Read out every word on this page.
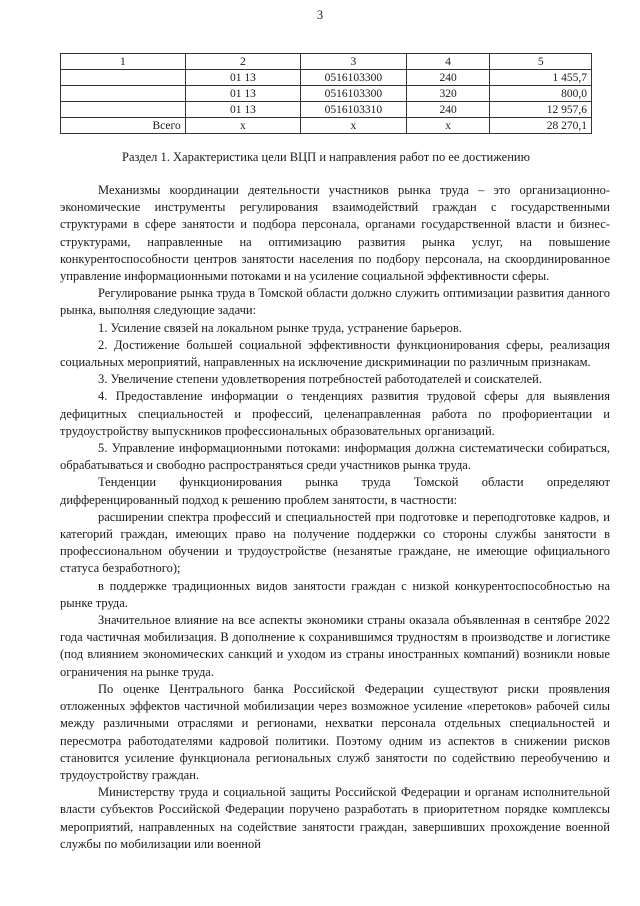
3
1	2	3	4	5
	01 13	0516103300	240	1 455,7
	01 13	0516103300	320	800,0
	01 13	0516103310	240	12 957,6
Всего	x	x	x	28 270,1
Раздел 1. Характеристика цели ВЦП и направления работ по ее достижению

Механизмы координации деятельности участников рынка труда – это организационно-экономические инструменты регулирования взаимодействий граждан с государственными структурами в сфере занятости и подбора персонала, органами государственной власти и бизнес-структурами, направленные на оптимизацию развития рынка услуг, на повышение конкурентоспособности центров занятости населения по подбору персонала, на скоординированное управление информационными потоками и на усиление социальной эффективности сферы.

Регулирование рынка труда в Томской области должно служить оптимизации развития данного рынка, выполняя следующие задачи:

1. Усиление связей на локальном рынке труда, устранение барьеров.

2. Достижение большей социальной эффективности функционирования сферы, реализация социальных мероприятий, направленных на исключение дискриминации по различным признакам.

3. Увеличение степени удовлетворения потребностей работодателей и соискателей.

4. Предоставление информации о тенденциях развития трудовой сферы для выявления дефицитных специальностей и профессий, целенаправленная работа по профориентации и трудоустройству выпускников профессиональных образовательных организаций.

5. Управление информационными потоками: информация должна систематически собираться, обрабатываться и свободно распространяться среди участников рынка труда.

Тенденции функционирования рынка труда Томской области определяют дифференцированный подход к решению проблем занятости, в частности:

расширении спектра профессий и специальностей при подготовке и переподготовке кадров, и категорий граждан, имеющих право на получение поддержки со стороны службы занятости в профессиональном обучении и трудоустройстве (незанятые граждане, не имеющие официального статуса безработного);

в поддержке традиционных видов занятости граждан с низкой конкурентоспособностью на рынке труда.

Значительное влияние на все аспекты экономики страны оказала объявленная в сентябре 2022 года частичная мобилизация. В дополнение к сохранившимся трудностям в производстве и логистике (под влиянием экономических санкций и уходом из страны иностранных компаний) возникли новые ограничения на рынке труда.

По оценке Центрального банка Российской Федерации существуют риски проявления отложенных эффектов частичной мобилизации через возможное усиление «перетоков» рабочей силы между различными отраслями и регионами, нехватки персонала отдельных специальностей и пересмотра работодателями кадровой политики. Поэтому одним из аспектов в снижении рисков становится усиление функционала региональных служб занятости по содействию переобучению и трудоустройству граждан.

Министерству труда и социальной защиты Российской Федерации и органам исполнительной власти субъектов Российской Федерации поручено разработать в приоритетном порядке комплексы мероприятий, направленных на содействие занятости граждан, завершивших прохождение военной службы по мобилизации или военной
